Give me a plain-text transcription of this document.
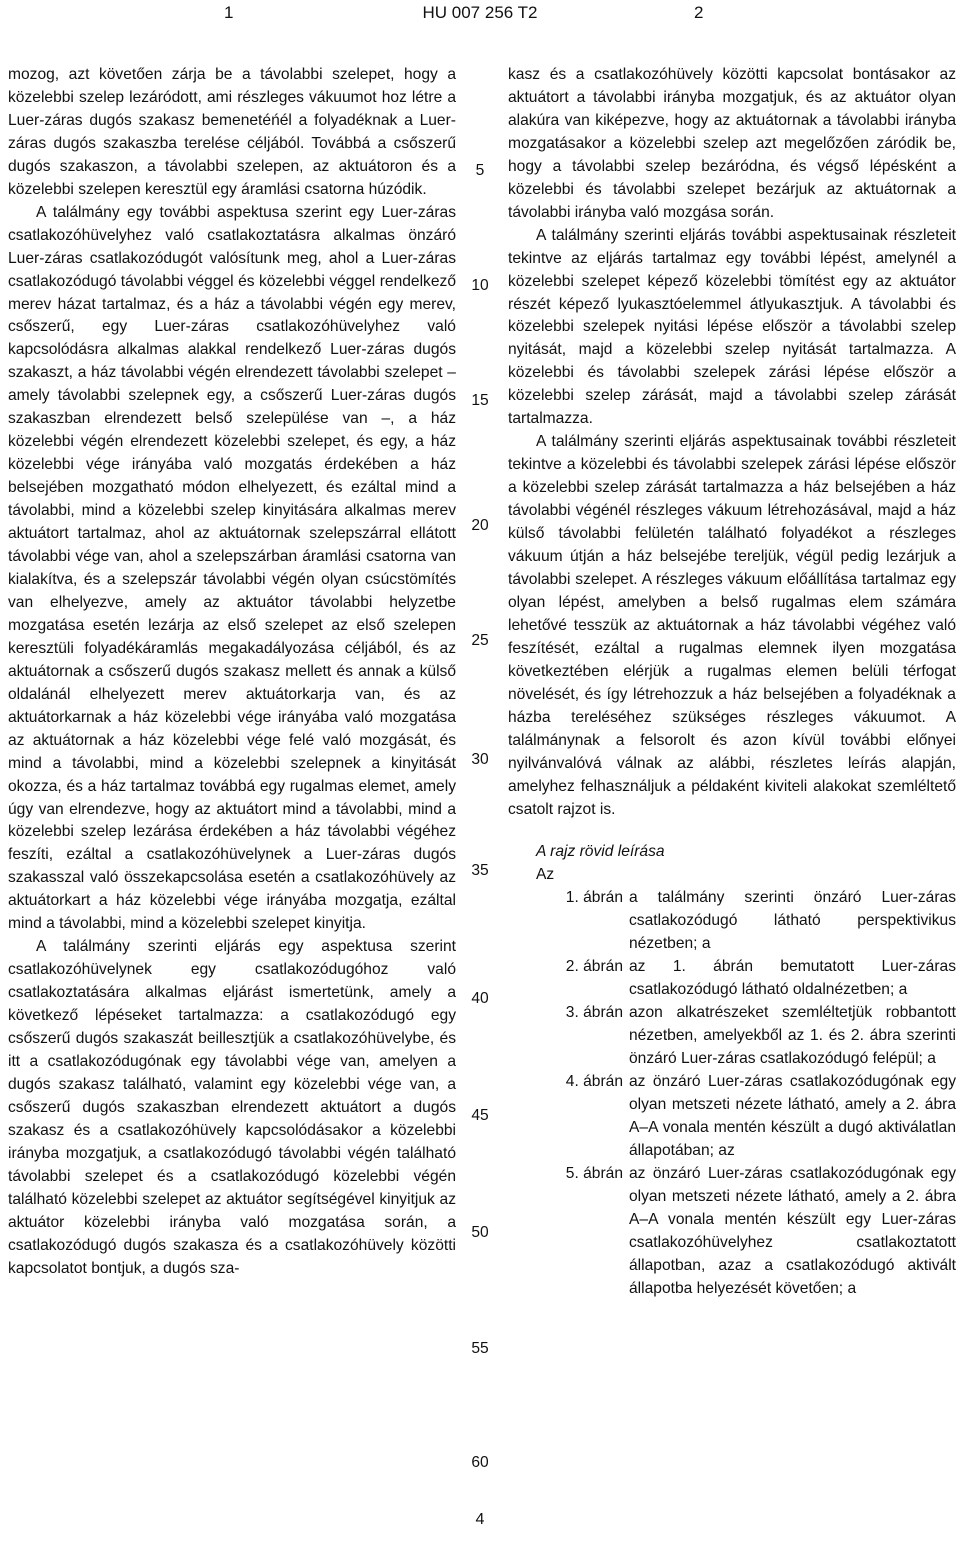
1	HU 007 256 T2	2

mozog, azt követően zárja be a távolabbi szelepet, hogy a közelebbi szelep lezáródott, ami részleges vákuumot hoz létre a Luer-záras dugós szakasz bemenetéńél a folyadéknak a Luer-záras dugós szakaszba terelése céljából. Továbbá a csőszerű dugós szakaszon, a távolabbi szelepen, az aktuátoron és a közelebbi szelepen keresztül egy áramlási csatorna húzódik.

A találmány egy további aspektusa szerint egy Luer-záras csatlakozóhüvelyhez való csatlakoztatásra alkalmas önzáró Luer-záras csatlakozódugót valósítunk meg, ahol a Luer-záras csatlakozódugó távolabbi véggel és közelebbi véggel rendelkező merev házat tartalmaz, és a ház a távolabbi végén egy merev, csőszerű, egy Luer-záras csatlakozóhüvelyhez való kapcsolódásra alkalmas alakkal rendelkező Luer-záras dugós szakaszt, a ház távolabbi végén elrendezett távolabbi szelepet – amely távolabbi szelepnek egy, a csőszerű Luer-záras dugós szakaszban elrendezett belső szelepülése van –, a ház közelebbi végén elrendezett közelebbi szelepet, és egy, a ház közelebbi vége irányába való mozgatás érdekében a ház belsejében mozgatható módon elhelyezett, és ezáltal mind a távolabbi, mind a közelebbi szelep kinyitására alkalmas merev aktuátort tartalmaz, ahol az aktuátornak szelepszárral ellátott távolabbi vége van, ahol a szelepszárban áramlási csatorna van kialakítva, és a szelepszár távolabbi végén olyan csúcstömítés van elhelyezve, amely az aktuátor távolabbi helyzetbe mozgatása esetén lezárja az első szelepet az első szelepen keresztüli folyadékáramlás megakadályozása céljából, és az aktuátornak a csőszerű dugós szakasz mellett és annak a külső oldalánál elhelyezett merev aktuátorkarja van, és az aktuátorkarnak a ház közelebbi vége irányába való mozgatása az aktuátornak a ház közelebbi vége felé való mozgását, és mind a távolabbi, mind a közelebbi szelepnek a kinyitását okozza, és a ház tartalmaz továbbá egy rugalmas elemet, amely úgy van elrendezve, hogy az aktuátort mind a távolabbi, mind a közelebbi szelep lezárása érdekében a ház távolabbi végéhez feszíti, ezáltal a csatlakozóhüvelynek a Luer-záras dugós szakasszal való összekapcsolása esetén a csatlakozóhüvely az aktuátorkart a ház közelebbi vége irányába mozgatja, ezáltal mind a távolabbi, mind a közelebbi szelepet kinyitja.

A találmány szerinti eljárás egy aspektusa szerint csatlakozóhüvelynek egy csatlakozódugóhoz való csatlakoztatására alkalmas eljárást ismertetünk, amely a következő lépéseket tartalmazza: a csatlakozódugó egy csőszerű dugós szakaszát beillesztjük a csatlakozóhüvelybe, és itt a csatlakozódugónak egy távolabbi vége van, amelyen a dugós szakasz található, valamint egy közelebbi vége van, a csőszerű dugós szakaszban elrendezett aktuátort a dugós szakasz és a csatlakozóhüvely kapcsolódásakor a közelebbi irányba mozgatjuk, a csatlakozódugó távolabbi végén található távolabbi szelepet és a csatlakozódugó közelebbi végén található közelebbi szelepet az aktuátor segítségével kinyitjuk az aktuátor közelebbi irányba való mozgatása során, a csatlakozódugó dugós szakasza és a csatlakozóhüvely közötti kapcsolatot bontjuk, a dugós sza-

5
10
15
20
25
30
35
40
45
50
55
60

kasz és a csatlakozóhüvely közötti kapcsolat bontásakor az aktuátort a távolabbi irányba mozgatjuk, és az aktuátor olyan alakúra van kiképezve, hogy az aktuátornak a távolabbi irányba mozgatásakor a közelebbi szelep azt megelőzően záródik be, hogy a távolabbi szelep bezáródna, és végső lépésként a közelebbi és távolabbi szelepet bezárjuk az aktuátornak a távolabbi irányba való mozgása során.

A találmány szerinti eljárás további aspektusainak részleteit tekintve az eljárás tartalmaz egy további lépést, amelynél a közelebbi szelepet képező közelebbi tömítést egy az aktuátor részét képező lyukasztóelemmel átlyukasztjuk. A távolabbi és közelebbi szelepek nyitási lépése először a távolabbi szelep nyitását, majd a közelebbi szelep nyitását tartalmazza. A közelebbi és távolabbi szelepek zárási lépése először a közelebbi szelep zárását, majd a távolabbi szelep zárását tartalmazza.

A találmány szerinti eljárás aspektusainak további részleteit tekintve a közelebbi és távolabbi szelepek zárási lépése először a közelebbi szelep zárását tartalmazza a ház belsejében a ház távolabbi végénél részleges vákuum létrehozásával, majd a ház külső távolabbi felületén található folyadékot a részleges vákuum útján a ház belsejébe tereljük, végül pedig lezárjuk a távolabbi szelepet. A részleges vákuum előállítása tartalmaz egy olyan lépést, amelyben a belső rugalmas elem számára lehetővé tesszük az aktuátornak a ház távolabbi végéhez való feszítését, ezáltal a rugalmas elemnek ilyen mozgatása következtében elérjük a rugalmas elemen belüli térfogat növelését, és így létrehozzuk a ház belsejében a folyadéknak a házba tereléséhez szükséges részleges vákuumot. A találmánynak a felsorolt és azon kívül további előnyei nyilvánvalóvá válnak az alábbi, részletes leírás alapján, amelyhez felhasználjuk a példaként kiviteli alakokat szemléltető csatolt rajzot is.

A rajz rövid leírása

Az

1. ábrán a találmány szerinti önzáró Luer-záras csatlakozódugó látható perspektivikus nézetben; a
2. ábrán az 1. ábrán bemutatott Luer-záras csatlakozódugó látható oldalnézetben; a
3. ábrán azon alkatrészeket szemléltetjük robbantott nézetben, amelyekből az 1. és 2. ábra szerinti önzáró Luer-záras csatlakozódugó felépül; a
4. ábrán az önzáró Luer-záras csatlakozódugónak egy olyan metszeti nézete látható, amely a 2. ábra A–A vonala mentén készült a dugó aktiválatlan állapotában; az
5. ábrán az önzáró Luer-záras csatlakozódugónak egy olyan metszeti nézete látható, amely a 2. ábra A–A vonala mentén készült egy Luer-záras csatlakozóhüvelyhez csatlakoztatott állapotban, azaz a csatlakozódugó aktivált állapotba helyezését követően; a
4
